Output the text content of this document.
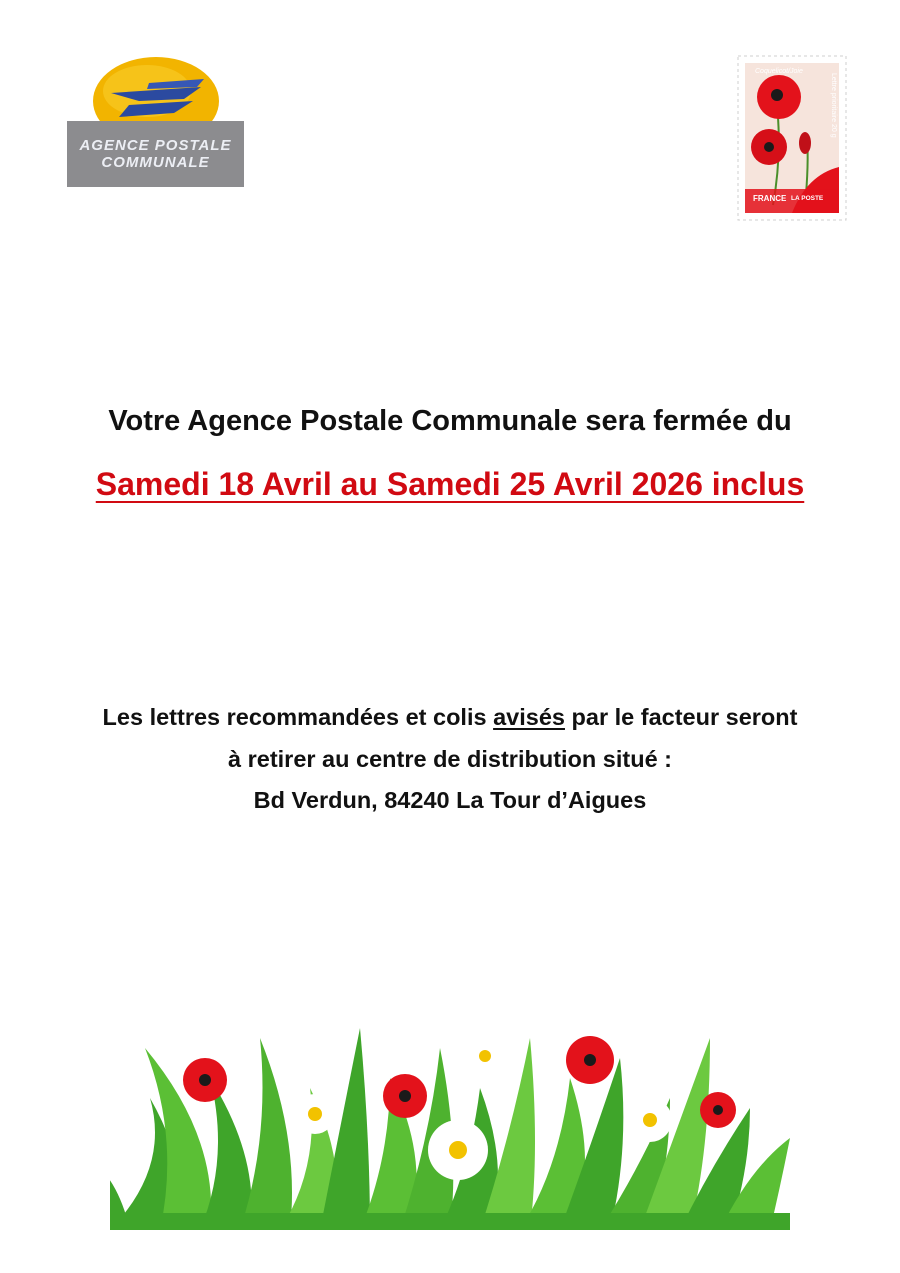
AGENCE POSTALE
COMMUNALE
Coquelicot/Joie
Lettre prioritaire 20 g
FRANCE LA POSTE
Votre Agence Postale Communale sera fermée du
Samedi 18 Avril au Samedi 25 Avril 2026 inclus
Les lettres recommandées et colis avisés par le facteur seront
à retirer au centre de distribution situé :
Bd Verdun, 84240 La Tour d’Aigues
